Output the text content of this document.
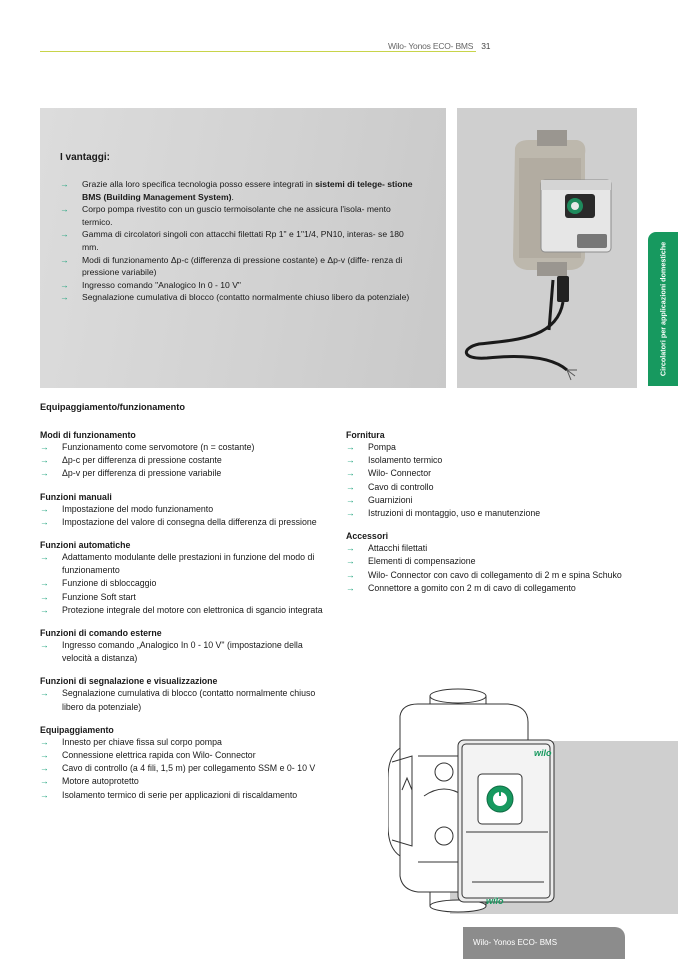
Wilo- Yonos ECO- BMS 31
I vantaggi:
→ Grazie alla loro specifica tecnologia posso essere integrati in sistemi di telege- stione BMS (Building Management System).
→ Corpo pompa rivestito con un guscio termoisolante che ne assicura l'isola- mento termico.
→ Gamma di circolatori singoli con attacchi filettati Rp 1" e 1"1/4, PN10, interas- se 180 mm.
→ Modi di funzionamento Δp-c (differenza di pressione costante) e Δp-v (diffe- renza di pressione variabile)
→ Ingresso comando "Analogico In 0 - 10 V"
→ Segnalazione cumulativa di blocco (contatto normalmente chiuso libero da potenziale)	Circolatori per applicazioni domestiche
Equipaggiamento/funzionamento
Modi di funzionamento
→ Funzionamento come servomotore (n = costante)
→ Δp-c per differenza di pressione costante
→ Δp-v per differenza di pressione variabile
Funzioni manuali
→ Impostazione del modo funzionamento
→ Impostazione del valore di consegna della differenza di pressione
Funzioni automatiche
→ Adattamento modulante delle prestazioni in funzione del modo di funzionamento
→ Funzione di sbloccaggio
→ Funzione Soft start
→ Protezione integrale del motore con elettronica di sgancio integrata
Funzioni di comando esterne
→ Ingresso comando „Analogico In 0 - 10 V" (impostazione della velocità a distanza)
Funzioni di segnalazione e visualizzazione
→ Segnalazione cumulativa di blocco (contatto normalmente chiuso libero da potenziale)
Equipaggiamento
→ Innesto per chiave fissa sul corpo pompa
→ Connessione elettrica rapida con Wilo- Connector
→ Cavo di controllo (a 4 fili, 1,5 m) per collegamento SSM e 0- 10 V
→ Motore autoprotetto
→ Isolamento termico di serie per applicazioni di riscaldamento
Fornitura
→ Pompa
→ Isolamento termico
→ Wilo- Connector
→ Cavo di controllo
→ Guarnizioni
→ Istruzioni di montaggio, uso e manutenzione
Accessori
→ Attacchi filettati
→ Elementi di compensazione
→ Wilo- Connector con cavo di collegamento di 2 m e spina Schuko
→ Connettore a gomito con 2 m di cavo di collegamento
wilo
wilo
Wilo- Yonos ECO- BMS
